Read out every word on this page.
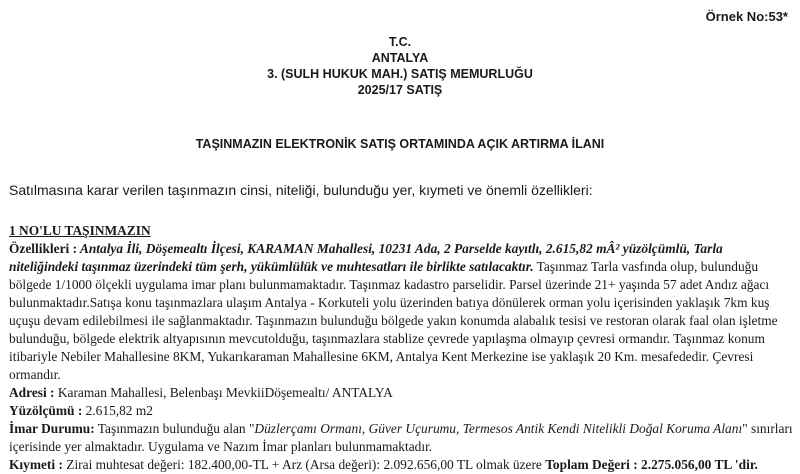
Örnek No:53*
T.C.
ANTALYA
3. (SULH HUKUK MAH.) SATIŞ MEMURLUĞU
2025/17 SATIŞ
TAŞINMAZIN ELEKTRONİK SATIŞ ORTAMINDA AÇIK ARTIRMA İLANI
Satılmasına karar verilen taşınmazın cinsi, niteliği, bulunduğu yer, kıymeti ve önemli özellikleri:

1 NO'LU TAŞINMAZIN

Özellikleri : Antalya İli, Döşemealtı İlçesi, KARAMAN Mahallesi, 10231 Ada, 2 Parselde kayıtlı, 2.615,82 mÂ² yüzölçümlü, Tarla niteliğindeki taşınmaz üzerindeki tüm şerh, yükümlülük ve muhtesatları ile birlikte satılacaktır. Taşınmaz Tarla vasfında olup, bulunduğu bölgede 1/1000 ölçekli uygulama imar planı bulunmamaktadır. Taşınmaz kadastro parselidir. Parsel üzerinde 21+ yaşında 57 adet Andız ağacı bulunmaktadır.Satışa konu taşınmazlara ulaşım Antalya - Korkuteli yolu üzerinden batıya dönülerek orman yolu içerisinden yaklaşık 7km kuş uçuşu devam edilebilmesi ile sağlanmaktadır. Taşınmazın bulunduğu bölgede yakın konumda alabalık tesisi ve restoran olarak faal olan işletme bulunduğu, bölgede elektrik altyapısının mevcutolduğu, taşınmazlara stablize çevrede yapılaşma olmayıp çevresi ormandır. Taşınmaz konum itibariyle Nebiler Mahallesine 8KM, Yukarıkaraman Mahallesine 6KM, Antalya Kent Merkezine ise yaklaşık 20 Km. mesafededir. Çevresi ormandır.

Adresi : Karaman Mahallesi, Belenbaşı MevkiiDöşemealtı/ ANTALYA

Yüzölçümü : 2.615,82 m2

İmar Durumu: Taşınmazın bulunduğu alan "Düzlerçamı Ormanı, Güver Uçurumu, Termesos Antik Kendi Nitelikli Doğal Koruma Alanı" sınırları içerisinde yer almaktadır. Uygulama ve Nazım İmar planları bulunmamaktadır.

Kıymeti : Zirai muhtesat değeri: 182.400,00-TL + Arz (Arsa değeri): 2.092.656,00 TL olmak üzere Toplam Değeri : 2.275.056,00 TL 'dir.
